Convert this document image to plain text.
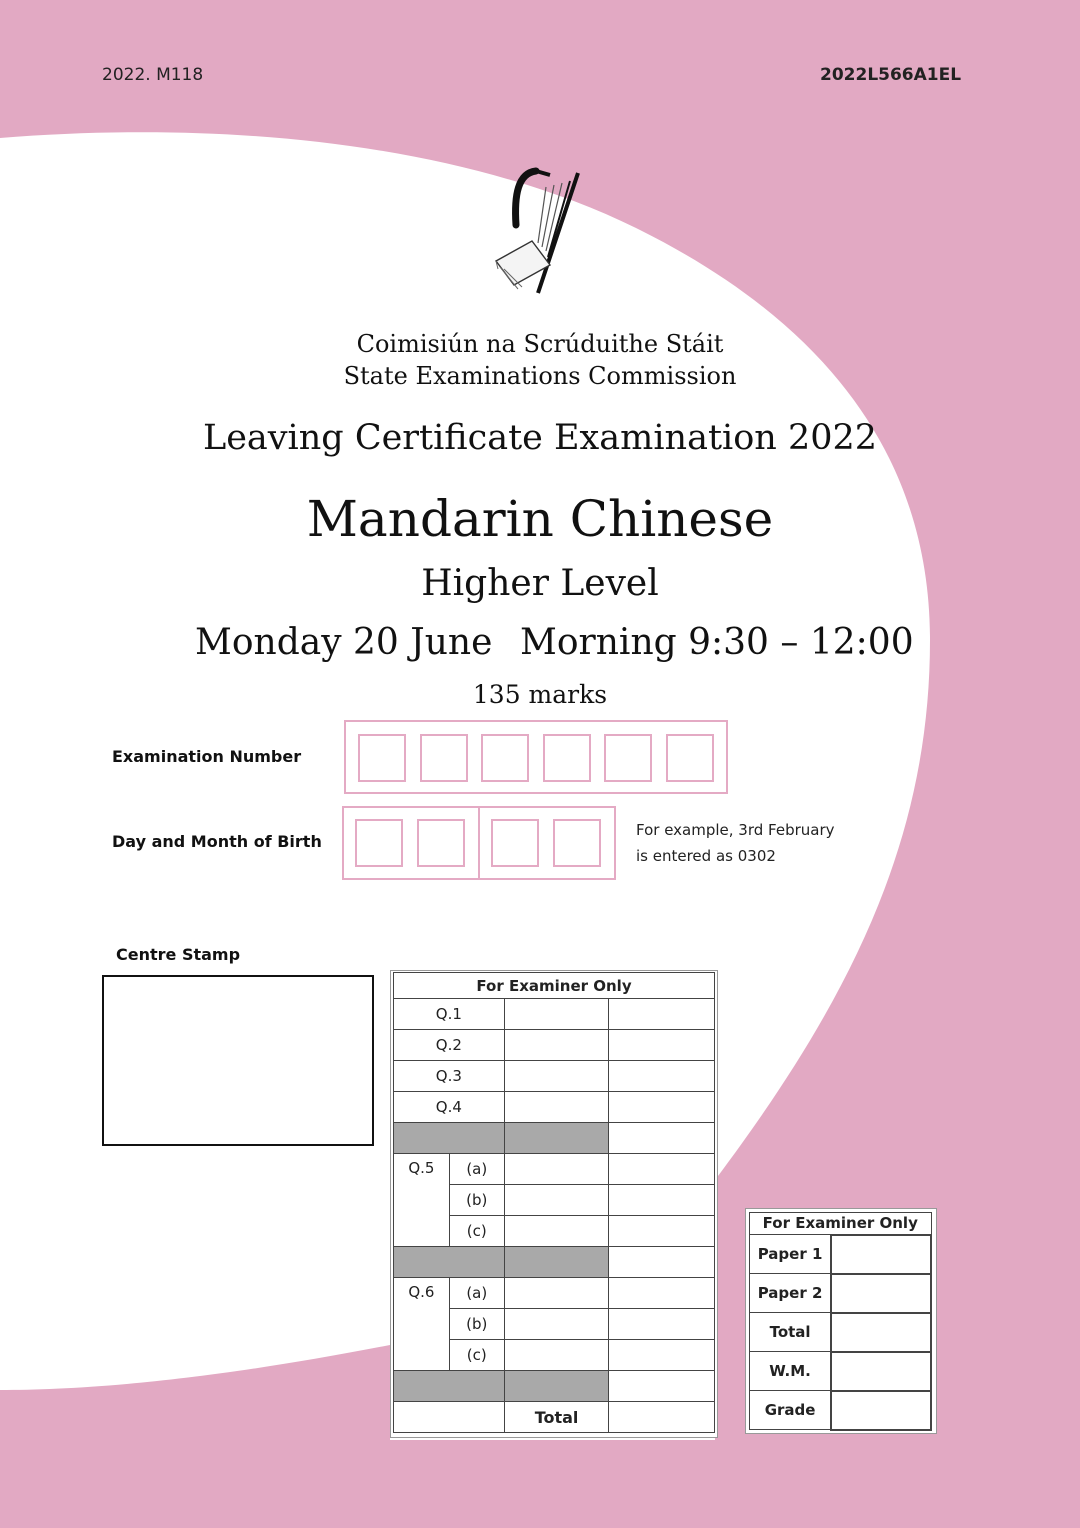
2022. M118	2022L566A1EL
Coimisiún na Scrúduithe Stáit
State Examinations Commission
Leaving Certificate Examination 2022
Mandarin Chinese
Higher Level
Monday 20 June Morning 9:30 – 12:00
135 marks
Examination Number
Day and Month of Birth
For example, 3rd February
is entered as 0302
Centre Stamp
For Examiner Only			
Q.1			
Q.2			
Q.3			
Q.4			

Q.5	(a)		
	(b)		
	(c)		

Q.6	(a)		
	(b)		
	(c)		

		Total	
For Examiner Only	
Paper 1	
Paper 2	
Total	
W.M.	
Grade	
